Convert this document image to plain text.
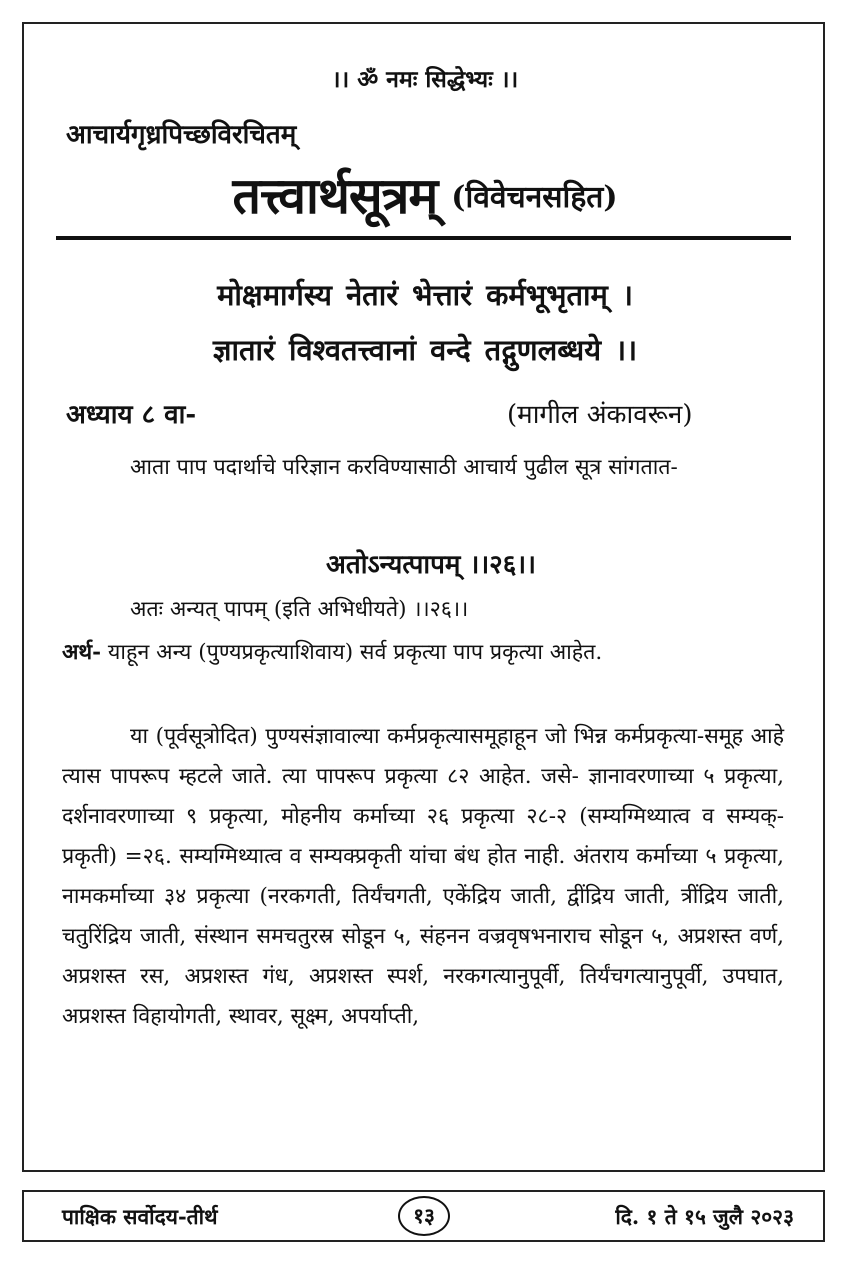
।। ॐ नमः सिद्धेभ्यः ।।
आचार्यगृध्रपिच्छविरचितम्
तत्त्वार्थसूत्रम् (विवेचनसहित)
मोक्षमार्गस्य नेतारं भेत्तारं कर्मभूभृताम् ।
ज्ञातारं विश्वतत्त्वानां वन्दे तद्गुणलब्धये ।।
अध्याय ८ वा-	(मागील अंकावरून)
आता पाप पदार्थाचे परिज्ञान करविण्यासाठी आचार्य पुढील सूत्र सांगतात-
अतोऽन्यत्पापम् ।।२६।।
अतः अन्यत् पापम् (इति अभिधीयते) ।।२६।।
अर्थ- याहून अन्य (पुण्यप्रकृत्याशिवाय) सर्व प्रकृत्या पाप प्रकृत्या आहेत.
या (पूर्वसूत्रोदित) पुण्यसंज्ञावाल्या कर्मप्रकृत्यासमूहाहून जो भिन्न कर्मप्रकृत्या-समूह आहे त्यास पापरूप म्हटले जाते. त्या पापरूप प्रकृत्या ८२ आहेत. जसे- ज्ञानावरणाच्या ५ प्रकृत्या, दर्शनावरणाच्या ९ प्रकृत्या, मोहनीय कर्माच्या २६ प्रकृत्या २८-२ (सम्यग्मिथ्यात्व व सम्यक्-प्रकृती) =२६. सम्यग्मिथ्यात्व व सम्यक्प्रकृती यांचा बंध होत नाही. अंतराय कर्माच्या ५ प्रकृत्या, नामकर्माच्या ३४ प्रकृत्या (नरकगती, तिर्यंचगती, एकेंद्रिय जाती, द्वींद्रिय जाती, त्रींद्रिय जाती, चतुरिंद्रिय जाती, संस्थान समचतुरस्र सोडून ५, संहनन वज्रवृषभनाराच सोडून ५, अप्रशस्त वर्ण, अप्रशस्त रस, अप्रशस्त गंध, अप्रशस्त स्पर्श, नरकगत्यानुपूर्वी, तिर्यंचगत्यानुपूर्वी, उपघात, अप्रशस्त विहायोगती, स्थावर, सूक्ष्म, अपर्याप्ती,
पाक्षिक सर्वोदय-तीर्थ	१३	दि. १ ते १५ जुलै २०२३
